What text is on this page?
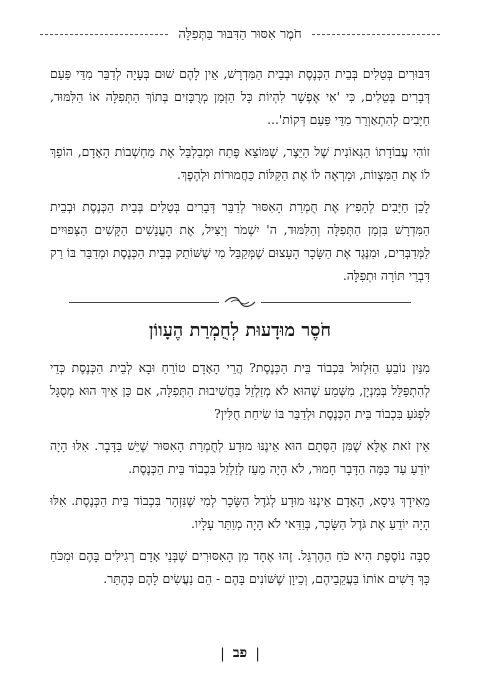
חֹמֶר אִסּוּר הַדִּבּוּר בַּתְּפִלָּה

דִּבּוּרִים בְּטֵלִים בְּבֵית הַכְּנֶסֶת וּבְבֵית הַמִּדְרָשׁ, אֵין לָהֶם שׁוּם בְּעָיָה לְדַבֵּר מִדֵּי פַּעַם דְּבָרִים בְּטֵלִים, כִּי 'אִי אֶפְשָׁר לִהְיוֹת כָּל הַזְּמַן מְרֻכָּזִים בְּתוֹךְ הַתְּפִלָּה אוֹ הַלִּמּוּד, חַיָּבִים לְהִתְאַוְרֵר מִדֵּי פַּעַם דְּקוֹת'...

זוֹהִי עֲבוֹדָתוֹ הַגְּאוֹנִית שֶׁל הַיֵּצֶר, שֶׁמּוֹצֵא פֶּתַח וּמְבַלְבֵּל אֶת מַחְשְׁבוֹת הָאָדָם, הוֹפֵךְ לוֹ אֶת הַמִּצְווֹת, וּמַרְאֶה לוֹ אֶת הַקַּלּוֹת כַּחֲמוּרוֹת וּלְהֶפֶךְ.

לָכֵן חַיָּבִים לְהָפִיץ אֶת חֻמְרַת הָאִסּוּר לְדַבֵּר דְּבָרִים בְּטֵלִים בְּבֵית הַכְּנֶסֶת וּבְבֵית הַמִּדְרָשׁ בִּזְמַן הַתְּפִלָּה וְהַלִּמּוּד, ה' יִשְׁמֹר וְיַצִּיל, אֶת הָעֳנָשִׁים הַקָּשִׁים הַצְּפוּיִים לַמְּדַבְּרִים, וּמִנֶּגֶד אֶת הַשָּׂכָר הָעָצוּם שֶׁמְּקַבֵּל מִי שֶׁשּׁוֹתֵק בְּבֵית הַכְּנֶסֶת וּמְדַבֵּר בּוֹ רַק דִּבְרֵי תּוֹרָה וּתְפִלָּה.

חֹסֶר מוּדָעוּת לְחֻמְרַת הֶעָווֹן

מִנַּיִן נוֹבֵעַ הַזִּלְזוּל בִּכְבוֹד בֵּית הַכְּנֶסֶת? הֲרֵי הָאָדָם טוֹרֵחַ וּבָא לְבֵית הַכְּנֶסֶת כְּדֵי לְהִתְפַּלֵּל בְּמִנְיָן, מִשְּׁמַע שֶׁהוּא לֹא מְזַלְזֵל בַּחֲשִׁיבוּת הַתְּפִלָּה, אִם כֵּן אֵיךְ הוּא מְסֻגָּל לִפְגֹּעַ בִּכְבוֹד בֵּית הַכְּנֶסֶת וּלְדַבֵּר בּוֹ שִׂיחַת חֻלִּין?

אֵין זֹאת אֶלָּא שֶׁמִּן הַסְּתָם הוּא אֵינֶנּוּ מוּדָע לְחֻמְרַת הָאִסּוּר שֶׁיֵּשׁ בַּדָּבָר. אִלּוּ הָיָה יוֹדֵעַ עַד כַּמָּה הַדָּבָר חָמוּר, לֹא הָיָה מֵעֵז לְזַלְזֵל בִּכְבוֹד בֵּית הַכְּנֶסֶת.

מֵאִידָךְ גִּיסָא, הָאָדָם אֵינֶנּוּ מוּדָע לְגֹדֶל הַשָּׂכָר לְמִי שֶׁנִּזְהָר בִּכְבוֹד בֵּית הַכְּנֶסֶת. אִלּוּ הָיָה יוֹדֵעַ אֶת גֹּדֶל הַשָּׂכָר, בְּוַדַּאי לֹא הָיָה מְוַתֵּר עָלָיו.

סִבָּה נוֹסֶפֶת הִיא כֹּחַ הַהֶרְגֵּל. זֶהוּ אֶחָד מִן הָאִסּוּרִים שֶׁבְּנֵי אָדָם רְגִילִים בָּהֶם וּמִכֹּחַ כָּךְ דָּשִׁים אוֹתוֹ בַּעֲקֵבֵיהֶם, וְכֵיוָן שֶׁשּׁוֹנִים בָּהֶם - הֵם נַעֲשִׂים לָהֶם כְּהֶתֵּר.

|
פב
|
